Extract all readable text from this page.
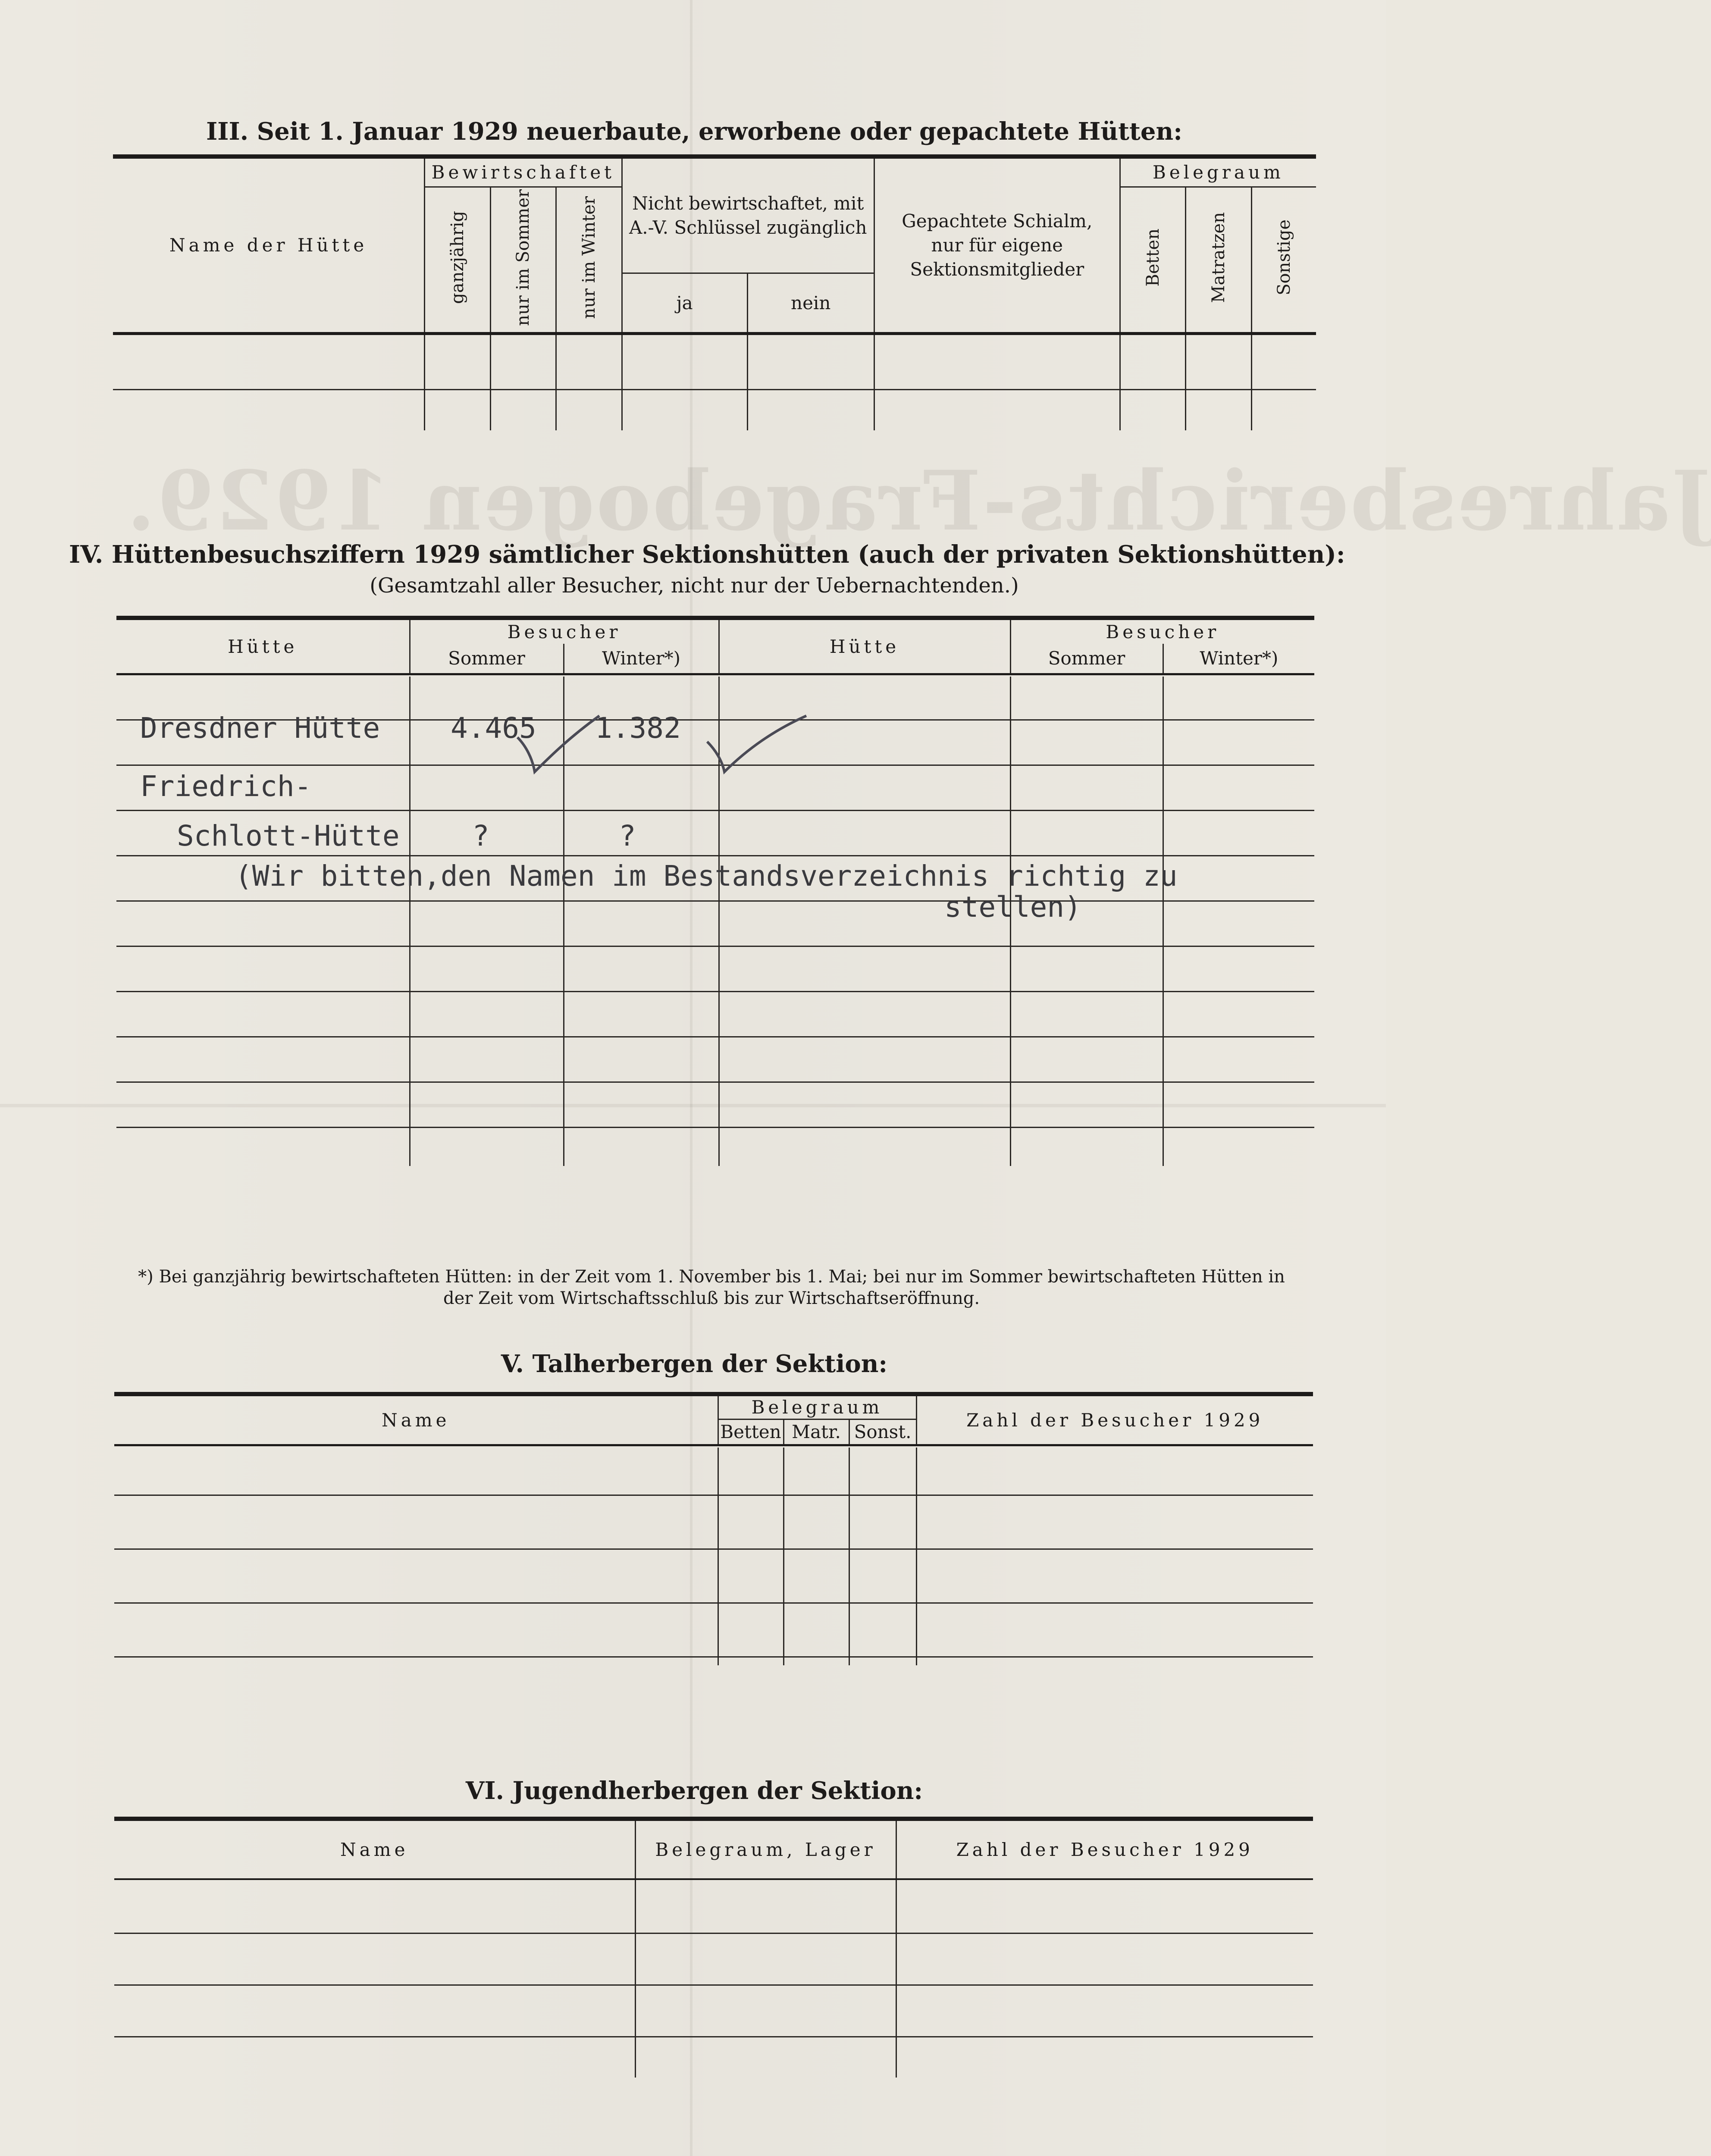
Jahresberichts-Fragebogen 1929.
III. Seit 1. Januar 1929 neuerbaute, erworbene oder gepachtete Hütten:
Name der Hütte	Bewirtschaftet			Nicht bewirtschaftet, mit A.-V. Schlüssel zugänglich		Gepachtete Schialm, nur für eigene Sektionsmitglieder	Belegraum		
	ganzjährig	nur im Sommer	nur im Winter				Betten	Matratzen	Sonstige
				ja	nein				

IV. Hüttenbesuchsziffern 1929 sämtlicher Sektionshütten (auch der privaten Sektionshütten):
(Gesamtzahl aller Besucher, nicht nur der Uebernachtenden.)
Hütte	Besucher		Hütte	Besucher	
	Sommer	Winter*)		Sommer	Winter*)

Dresdner Hütte 4.465 1.382
Friedrich-
Schlott-Hütte	?	?
(Wir bitten,den Namen im Bestandsverzeichnis richtig zu
stellen)
*) Bei ganzjährig bewirtschafteten Hütten: in der Zeit vom 1. November bis 1. Mai; bei nur im Sommer bewirtschafteten Hütten in
der Zeit vom Wirtschaftsschluß bis zur Wirtschaftseröffnung.
V. Talherbergen der Sektion:
Name	Belegraum			Zahl der Besucher 1929
	Betten	Matr.	Sonst.	

VI. Jugendherbergen der Sektion:
Name	Belegraum, Lager	Zahl der Besucher 1929
